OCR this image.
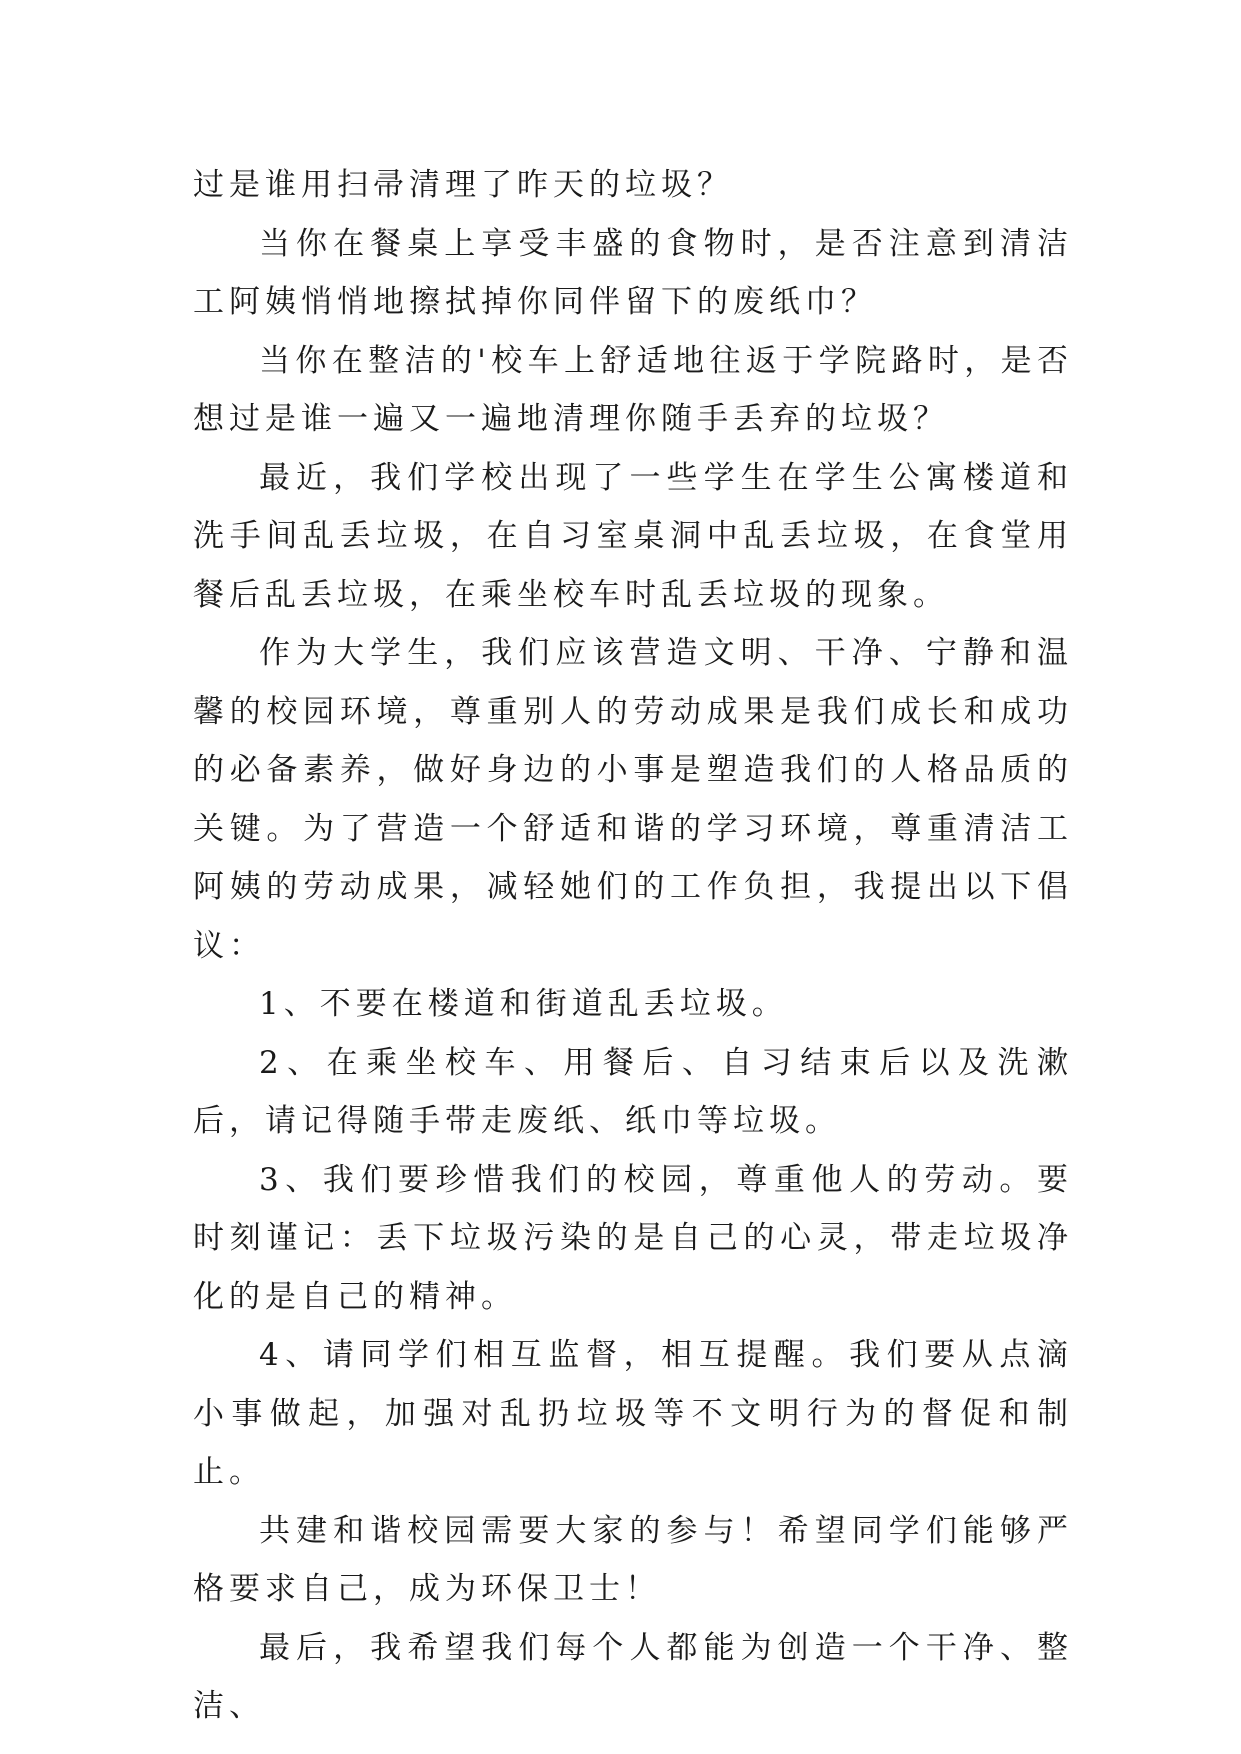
过是谁用扫帚清理了昨天的垃圾？

当你在餐桌上享受丰盛的食物时，是否注意到清洁工阿姨悄悄地擦拭掉你同伴留下的废纸巾？

当你在整洁的'校车上舒适地往返于学院路时，是否想过是谁一遍又一遍地清理你随手丢弃的垃圾？

最近，我们学校出现了一些学生在学生公寓楼道和洗手间乱丢垃圾，在自习室桌洞中乱丢垃圾，在食堂用餐后乱丢垃圾，在乘坐校车时乱丢垃圾的现象。

作为大学生，我们应该营造文明、干净、宁静和温馨的校园环境，尊重别人的劳动成果是我们成长和成功的必备素养，做好身边的小事是塑造我们的人格品质的关键。为了营造一个舒适和谐的学习环境，尊重清洁工阿姨的劳动成果，减轻她们的工作负担，我提出以下倡议：

1、不要在楼道和街道乱丢垃圾。

2、在乘坐校车、用餐后、自习结束后以及洗漱后，请记得随手带走废纸、纸巾等垃圾。

3、我们要珍惜我们的校园，尊重他人的劳动。要时刻谨记：丢下垃圾污染的是自己的心灵，带走垃圾净化的是自己的精神。

4、请同学们相互监督，相互提醒。我们要从点滴小事做起，加强对乱扔垃圾等不文明行为的督促和制止。

共建和谐校园需要大家的参与！希望同学们能够严格要求自己，成为环保卫士！

最后，我希望我们每个人都能为创造一个干净、整洁、
